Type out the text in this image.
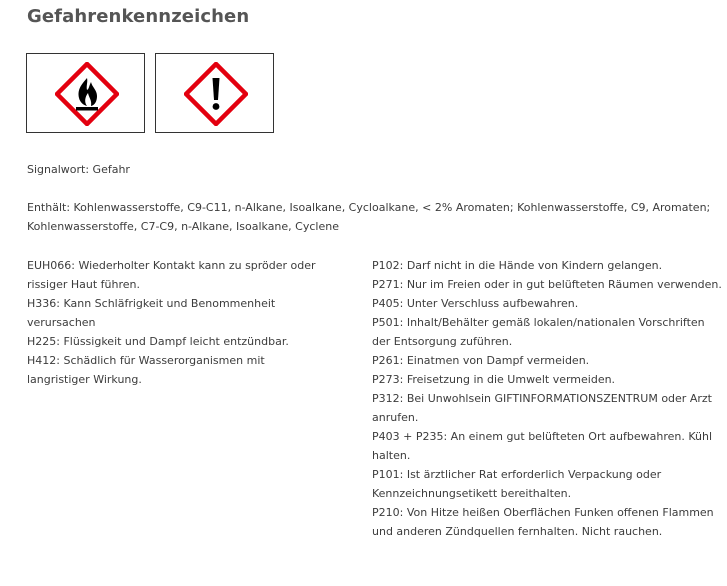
Gefahrenkennzeichen
Signalwort: Gefahr
Enthält: Kohlenwasserstoffe, C9-C11, n-Alkane, Isoalkane, Cycloalkane, < 2% Aromaten; Kohlenwasserstoffe, C9, Aromaten; Kohlenwasserstoffe, C7-C9, n-Alkane, Isoalkane, Cyclene
EUH066: Wiederholter Kontakt kann zu spröder oder rissiger Haut führen.
H336: Kann Schläfrigkeit und Benommenheit verursachen
H225: Flüssigkeit und Dampf leicht entzündbar.
H412: Schädlich für Wasserorganismen mit langristiger Wirkung.
P102: Darf nicht in die Hände von Kindern gelangen.
P271: Nur im Freien oder in gut belüfteten Räumen verwenden.
P405: Unter Verschluss aufbewahren.
P501: Inhalt/Behälter gemäß lokalen/nationalen Vorschriften der Entsorgung zuführen.
P261: Einatmen von Dampf vermeiden.
P273: Freisetzung in die Umwelt vermeiden.
P312: Bei Unwohlsein GIFTINFORMATIONSZENTRUM oder Arzt anrufen.
P403 + P235: An einem gut belüfteten Ort aufbewahren. Kühl halten.
P101: Ist ärztlicher Rat erforderlich Verpackung oder Kennzeichnungsetikett bereithalten.
P210: Von Hitze heißen Oberflächen Funken offenen Flammen und anderen Zündquellen fernhalten. Nicht rauchen.
